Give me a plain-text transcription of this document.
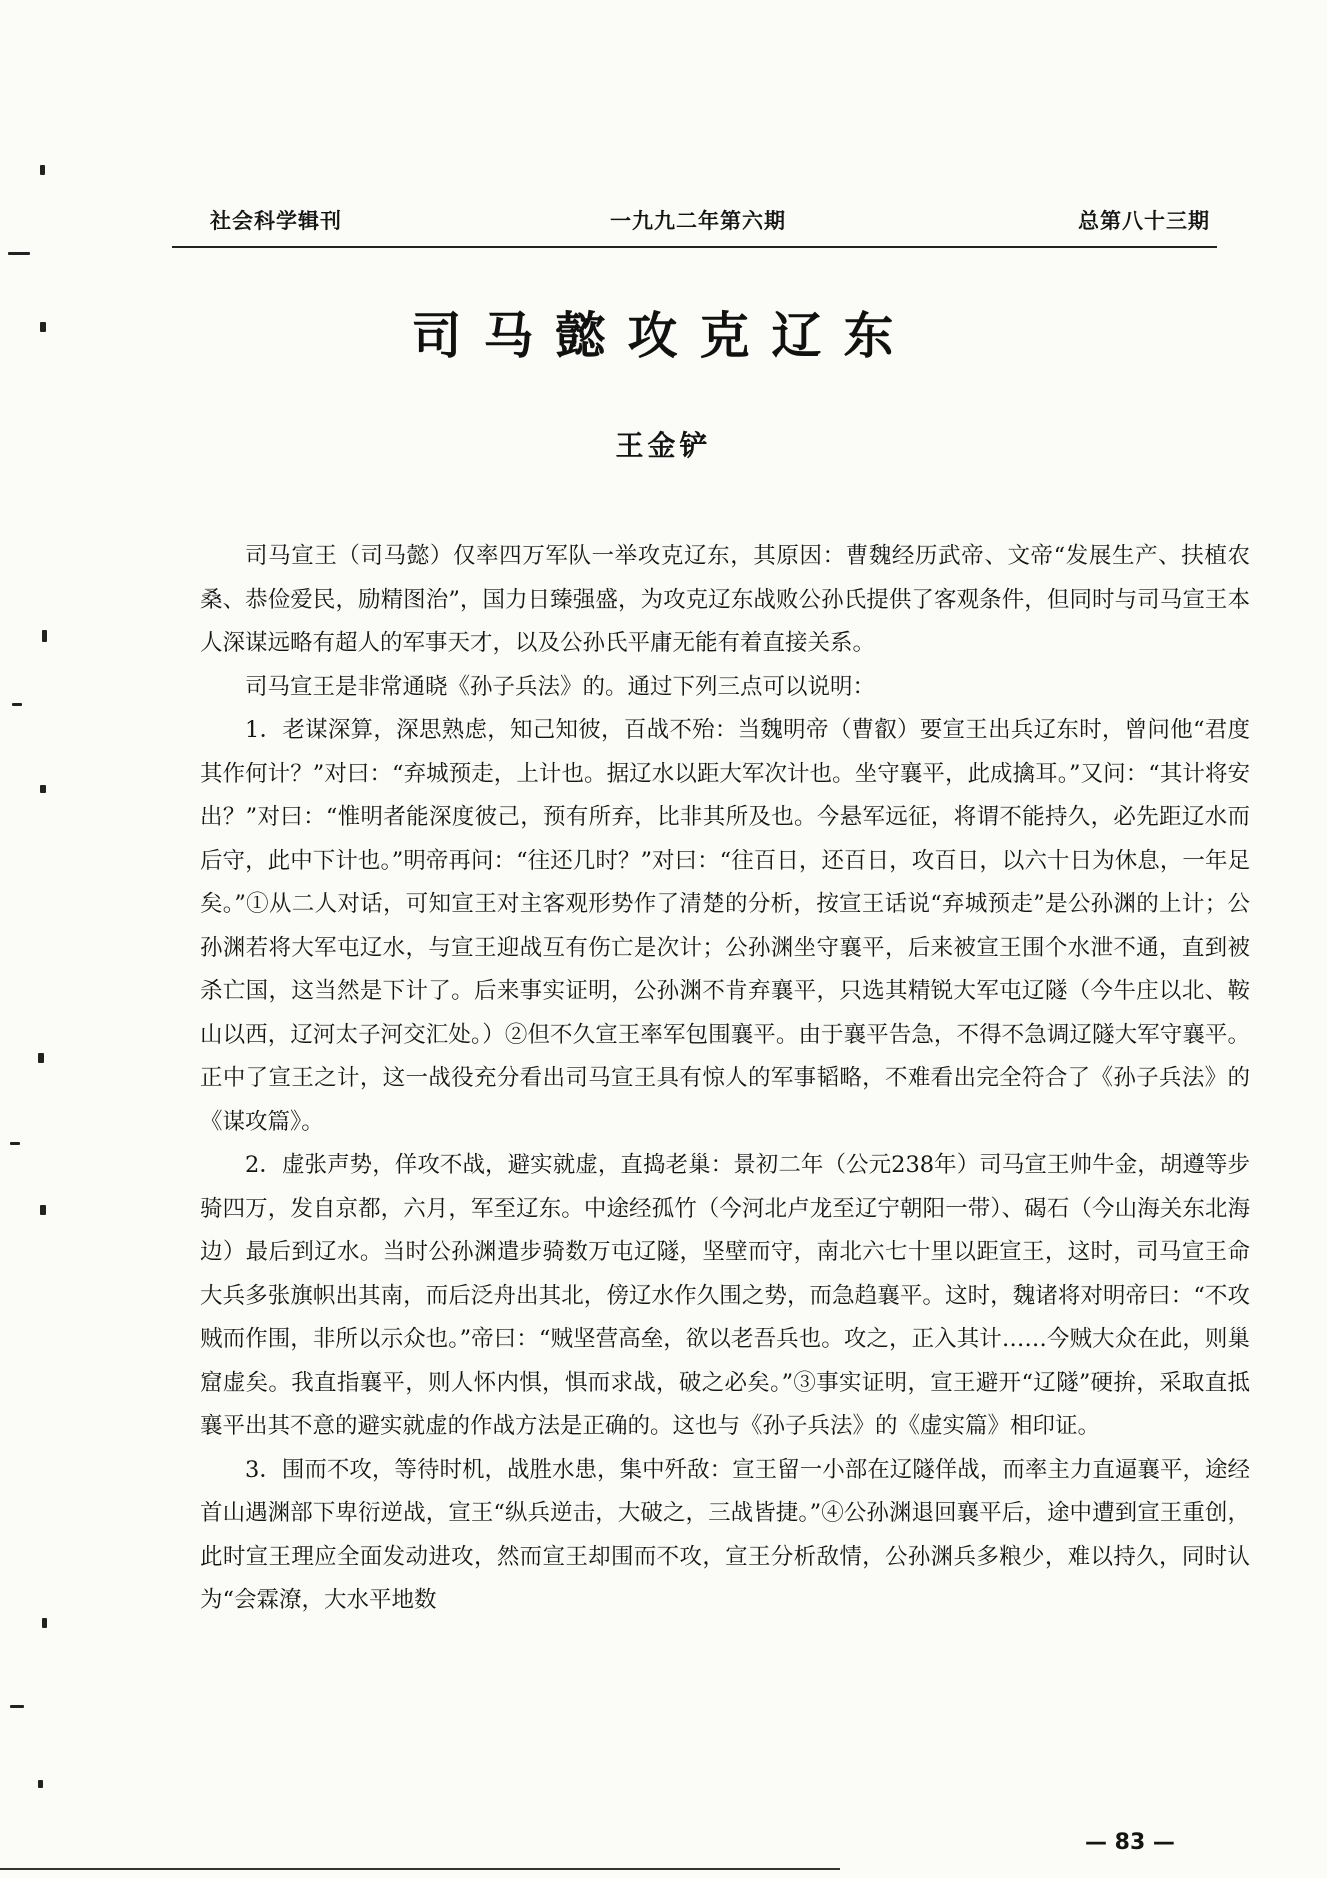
社会科学辑刊	一九九二年第六期	总第八十三期
司马懿攻克辽东
王金铲

司马宣王（司马懿）仅率四万军队一举攻克辽东，其原因：曹魏经历武帝、文帝“发展生产、扶植农桑、恭俭爱民，励精图治”，国力日臻强盛，为攻克辽东战败公孙氏提供了客观条件，但同时与司马宣王本人深谋远略有超人的军事天才，以及公孙氏平庸无能有着直接关系。

司马宣王是非常通晓《孙子兵法》的。通过下列三点可以说明：

1．老谋深算，深思熟虑，知己知彼，百战不殆：当魏明帝（曹叡）要宣王出兵辽东时，曾问他“君度其作何计？”对曰：“弃城预走，上计也。据辽水以距大军次计也。坐守襄平，此成擒耳。”又问：“其计将安出？”对曰：“惟明者能深度彼己，预有所弃，比非其所及也。今悬军远征，将谓不能持久，必先距辽水而后守，此中下计也。”明帝再问：“往还几时？”对曰：“往百日，还百日，攻百日，以六十日为休息，一年足矣。”①从二人对话，可知宣王对主客观形势作了清楚的分析，按宣王话说“弃城预走”是公孙渊的上计；公孙渊若将大军屯辽水，与宣王迎战互有伤亡是次计；公孙渊坐守襄平，后来被宣王围个水泄不通，直到被杀亡国，这当然是下计了。后来事实证明，公孙渊不肯弃襄平，只选其精锐大军屯辽隧（今牛庄以北、鞍山以西，辽河太子河交汇处。）②但不久宣王率军包围襄平。由于襄平告急，不得不急调辽隧大军守襄平。正中了宣王之计，这一战役充分看出司马宣王具有惊人的军事韬略，不难看出完全符合了《孙子兵法》的《谋攻篇》。

2．虚张声势，佯攻不战，避实就虚，直捣老巢：景初二年（公元238年）司马宣王帅牛金，胡遵等步骑四万，发自京都，六月，军至辽东。中途经孤竹（今河北卢龙至辽宁朝阳一带）、碣石（今山海关东北海边）最后到辽水。当时公孙渊遣步骑数万屯辽隧，坚壁而守，南北六七十里以距宣王，这时，司马宣王命大兵多张旗帜出其南，而后泛舟出其北，傍辽水作久围之势，而急趋襄平。这时，魏诸将对明帝曰：“不攻贼而作围，非所以示众也。”帝曰：“贼坚营高垒，欲以老吾兵也。攻之，正入其计……今贼大众在此，则巢窟虚矣。我直指襄平，则人怀内惧，惧而求战，破之必矣。”③事实证明，宣王避开“辽隧”硬拚，采取直抵襄平出其不意的避实就虚的作战方法是正确的。这也与《孙子兵法》的《虚实篇》相印证。

3．围而不攻，等待时机，战胜水患，集中歼敌：宣王留一小部在辽隧佯战，而率主力直逼襄平，途经首山遇渊部下卑衍逆战，宣王“纵兵逆击，大破之，三战皆捷。”④公孙渊退回襄平后，途中遭到宣王重创，此时宣王理应全面发动进攻，然而宣王却围而不攻，宣王分析敌情，公孙渊兵多粮少，难以持久，同时认为“会霖潦，大水平地数

— 83 —
